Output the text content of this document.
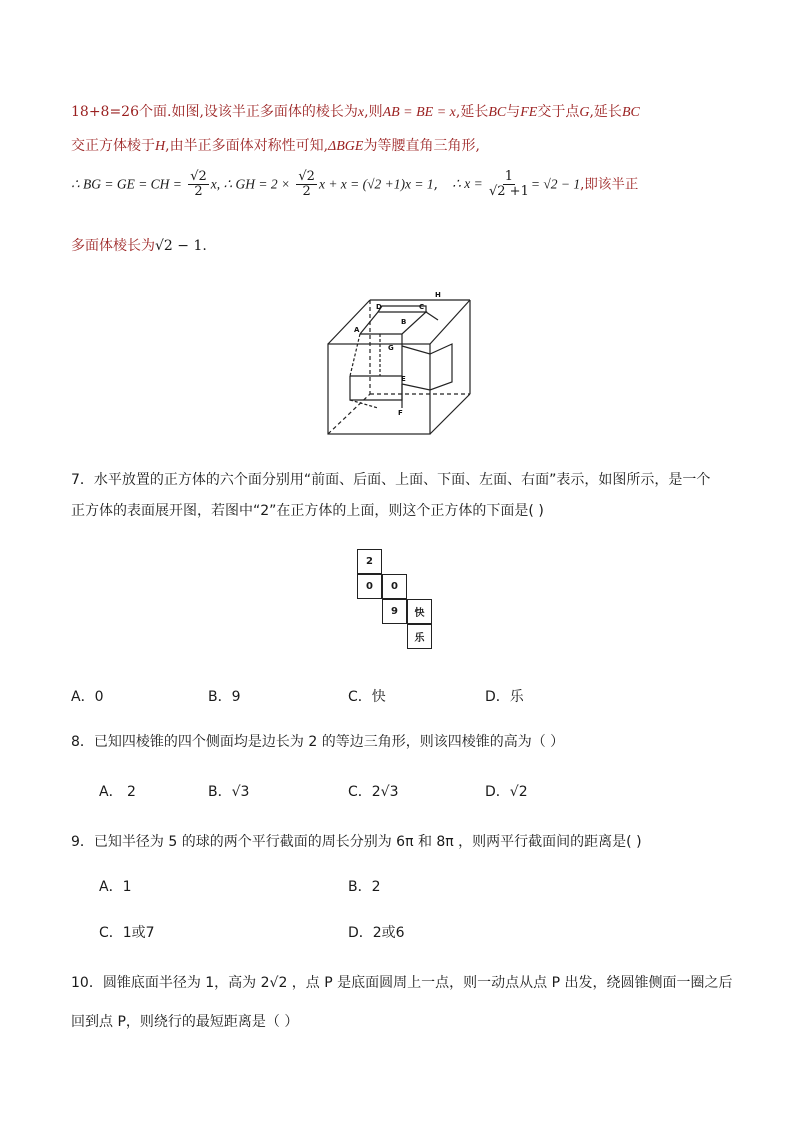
18+8=26个面.如图,设该半正多面体的棱长为x,则AB = BE = x,延长BC与FE交于点G,延长BC
交正方体棱于H,由半正多面体对称性可知,ΔBGE为等腰直角三角形,
∴ BG = GE = CH = $\frac{√2}{2} x$, ∴ GH = $2 \times \frac{√2}{2}$ x + x = (√2 +1)x = 1, ∴ $x = \frac{1}{√2 +1} = √2 - 1$,即该半正
多面体棱长为√2 − 1.
H
C
D
B
A
G
E
F
7．水平放置的正方体的六个面分别用“前面、后面、上面、下面、左面、右面”表示，如图所示，是一个
正方体的表面展开图，若图中“2”在正方体的上面，则这个正方体的下面是( )
2
0	0
9	快
乐
A．0	B．9	C．快	D．乐
8．已知四棱锥的四个侧面均是边长为 2 的等边三角形，则该四棱锥的高为（ ）
A． 2	B．√3	C．2√3	D．√2
9．已知半径为 5 的球的两个平行截面的周长分别为 6π 和 8π ，则两平行截面间的距离是( )
A．1	B．2
C．1或7	D．2或6
10．圆锥底面半径为 1，高为 2√2 ，点 P 是底面圆周上一点，则一动点从点 P 出发，绕圆锥侧面一圈之后
回到点 P，则绕行的最短距离是（ ）
